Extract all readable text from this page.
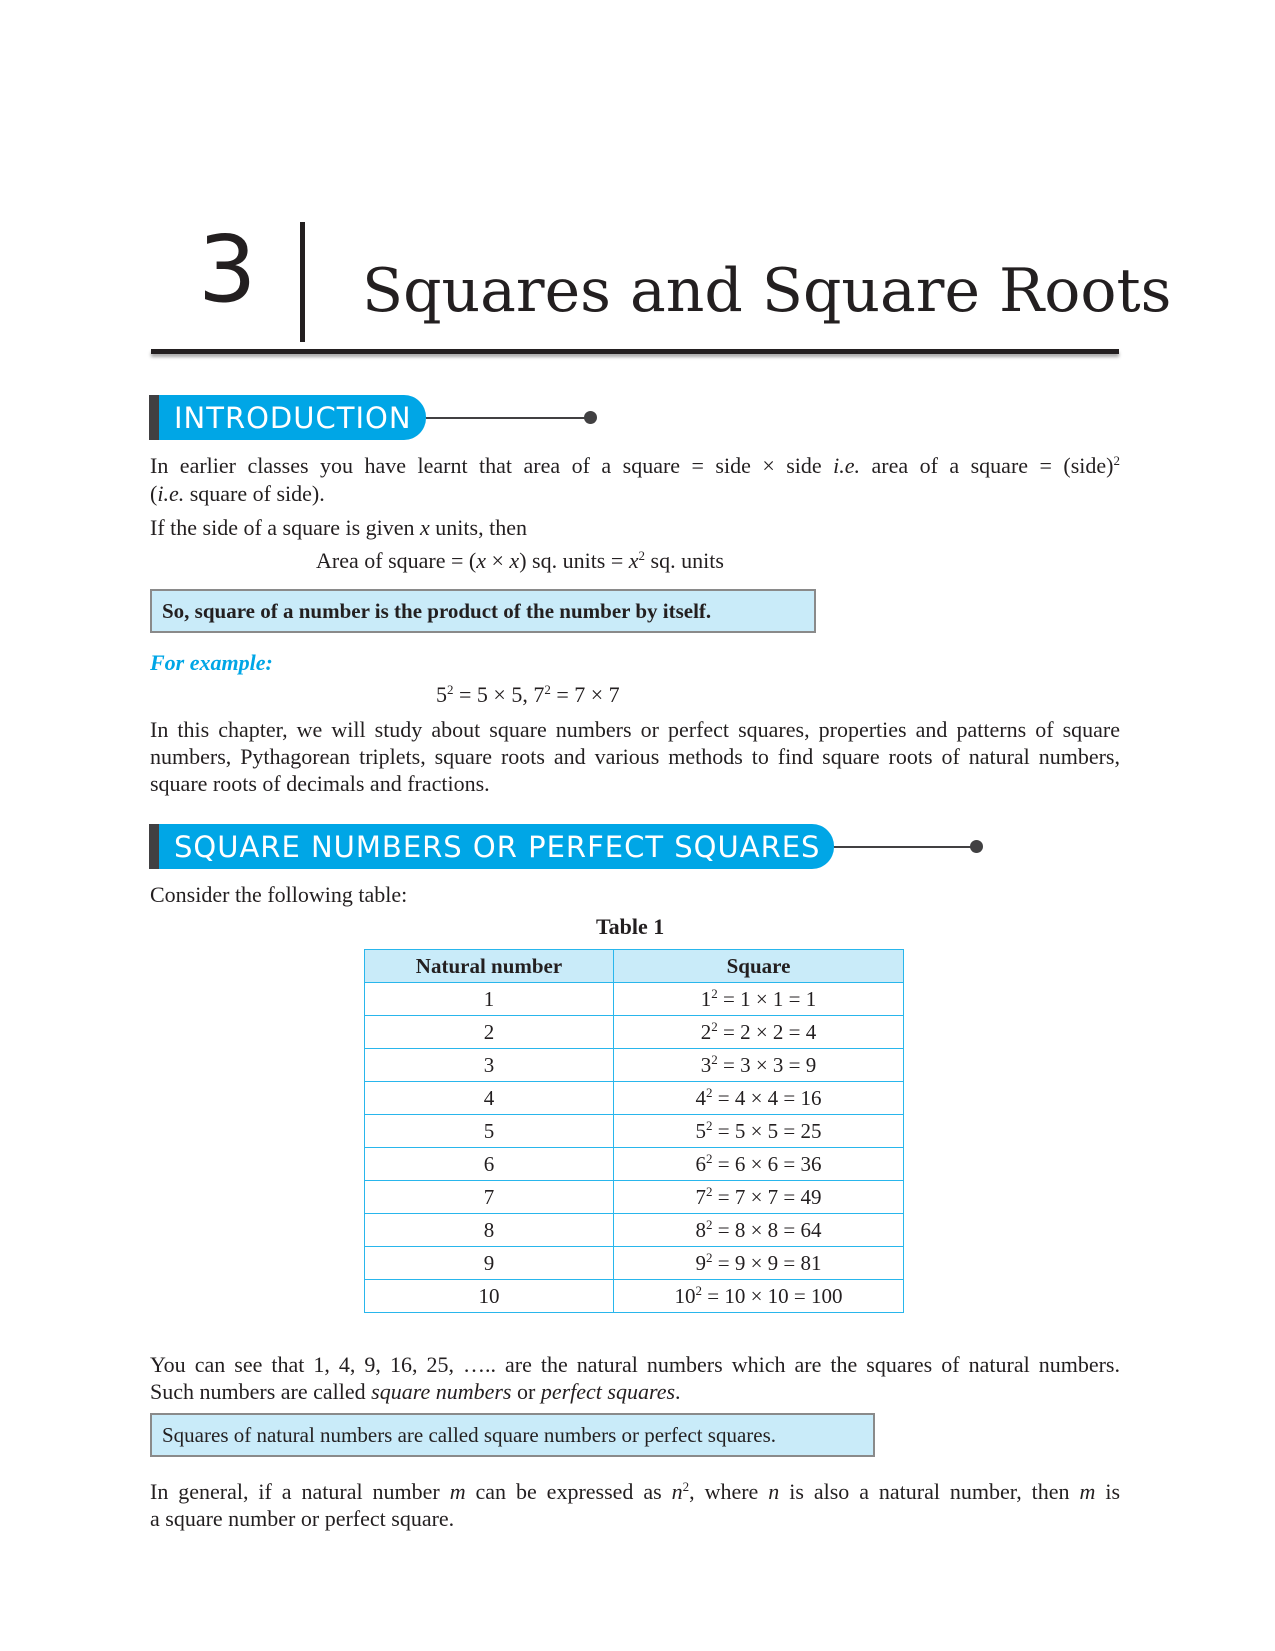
3 Squares and Square Roots
INTRODUCTION
In earlier classes you have learnt that area of a square = side × side i.e. area of a square = (side)$^2$
(i.e. square of side).
If the side of a square is given x units, then
Area of square = (x × x) sq. units = $x^2$ sq. units
So, square of a number is the product of the number by itself.
For example:
$5^2 = 5 \times 5$, $7^2 = 7 \times 7$
In this chapter, we will study about square numbers or perfect squares, properties and patterns of square
numbers, Pythagorean triplets, square roots and various methods to find square roots of natural numbers,
square roots of decimals and fractions.
SQUARE NUMBERS OR PERFECT SQUARES
Consider the following table:
Table 1
Natural number	Square
1	$1^2 = 1 \times 1 = 1$
2	$2^2 = 2 \times 2 = 4$
3	$3^2 = 3 \times 3 = 9$
4	$4^2 = 4 \times 4 = 16$
5	$5^2 = 5 \times 5 = 25$
6	$6^2 = 6 \times 6 = 36$
7	$7^2 = 7 \times 7 = 49$
8	$8^2 = 8 \times 8 = 64$
9	$9^2 = 9 \times 9 = 81$
10	$10^2 = 10 \times 10 = 100$
You can see that 1, 4, 9, 16, 25, ….. are the natural numbers which are the squares of natural numbers.
Such numbers are called square numbers or perfect squares.
Squares of natural numbers are called square numbers or perfect squares.
In general, if a natural number m can be expressed as $n^2$, where n is also a natural number, then m is
a square number or perfect square.
